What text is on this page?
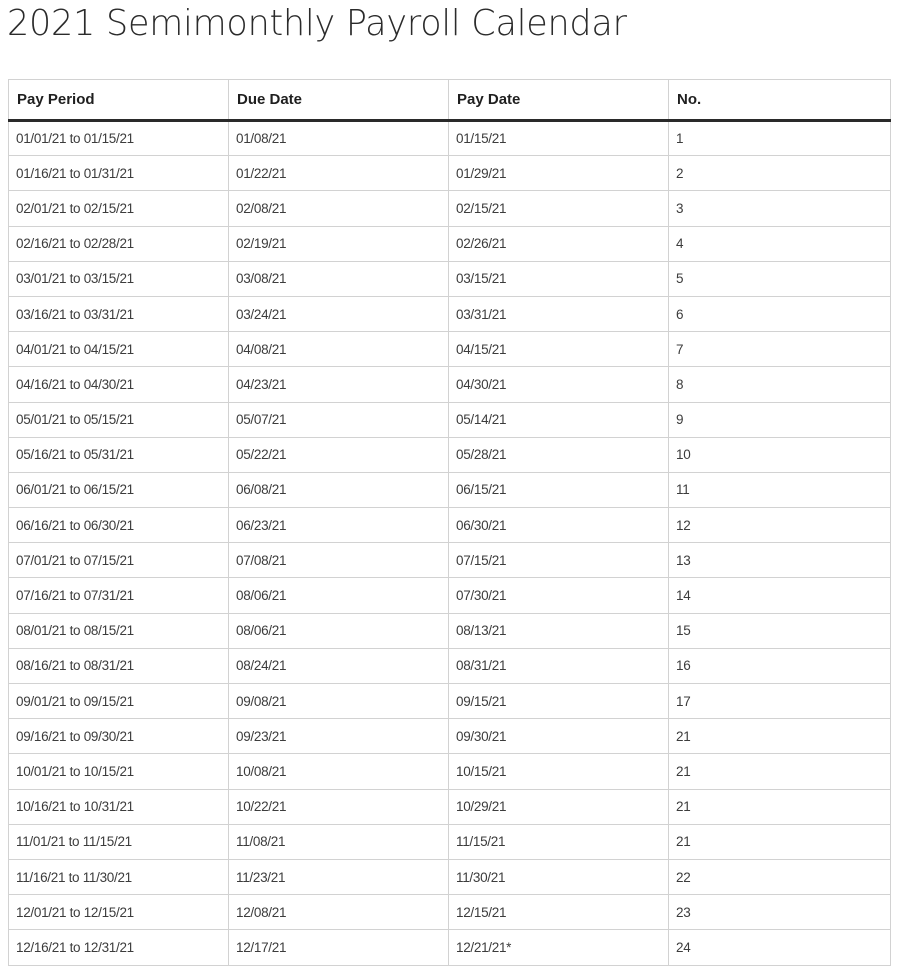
2021 Semimonthly Payroll Calendar
Pay Period	Due Date	Pay Date	No.
01/01/21 to 01/15/21	01/08/21	01/15/21	1
01/16/21 to 01/31/21	01/22/21	01/29/21	2
02/01/21 to 02/15/21	02/08/21	02/15/21	3
02/16/21 to 02/28/21	02/19/21	02/26/21	4
03/01/21 to 03/15/21	03/08/21	03/15/21	5
03/16/21 to 03/31/21	03/24/21	03/31/21	6
04/01/21 to 04/15/21	04/08/21	04/15/21	7
04/16/21 to 04/30/21	04/23/21	04/30/21	8
05/01/21 to 05/15/21	05/07/21	05/14/21	9
05/16/21 to 05/31/21	05/22/21	05/28/21	10
06/01/21 to 06/15/21	06/08/21	06/15/21	11
06/16/21 to 06/30/21	06/23/21	06/30/21	12
07/01/21 to 07/15/21	07/08/21	07/15/21	13
07/16/21 to 07/31/21	08/06/21	07/30/21	14
08/01/21 to 08/15/21	08/06/21	08/13/21	15
08/16/21 to 08/31/21	08/24/21	08/31/21	16
09/01/21 to 09/15/21	09/08/21	09/15/21	17
09/16/21 to 09/30/21	09/23/21	09/30/21	21
10/01/21 to 10/15/21	10/08/21	10/15/21	21
10/16/21 to 10/31/21	10/22/21	10/29/21	21
11/01/21 to 11/15/21	11/08/21	11/15/21	21
11/16/21 to 11/30/21	11/23/21	11/30/21	22
12/01/21 to 12/15/21	12/08/21	12/15/21	23
12/16/21 to 12/31/21	12/17/21	12/21/21*	24
